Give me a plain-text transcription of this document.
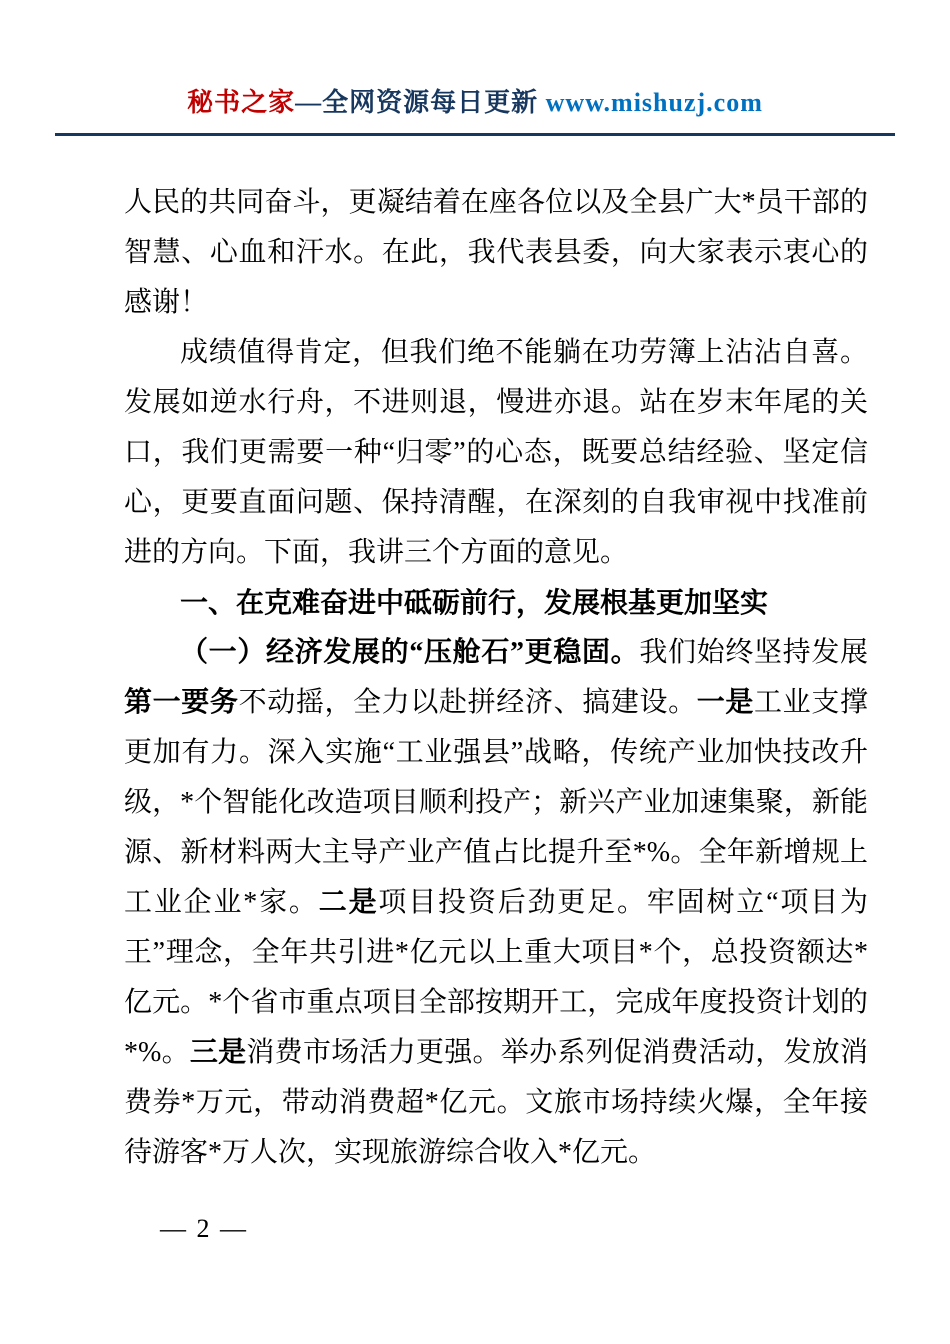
秘书之家—全网资源每日更新 www.mishuzj.com

人民的共同奋斗，更凝结着在座各位以及全县广大*员干部的智慧、心血和汗水。在此，我代表县委，向大家表示衷心的感谢！

成绩值得肯定，但我们绝不能躺在功劳簿上沾沾自喜。发展如逆水行舟，不进则退，慢进亦退。站在岁末年尾的关口，我们更需要一种“归零”的心态，既要总结经验、坚定信心，更要直面问题、保持清醒，在深刻的自我审视中找准前进的方向。下面，我讲三个方面的意见。

一、在克难奋进中砥砺前行，发展根基更加坚实

（一）经济发展的“压舱石”更稳固。我们始终坚持发展第一要务不动摇，全力以赴拼经济、搞建设。一是工业支撑更加有力。深入实施“工业强县”战略，传统产业加快技改升级，*个智能化改造项目顺利投产；新兴产业加速集聚，新能源、新材料两大主导产业产值占比提升至*%。全年新增规上工业企业*家。二是项目投资后劲更足。牢固树立“项目为王”理念，全年共引进*亿元以上重大项目*个，总投资额达*亿元。*个省市重点项目全部按期开工，完成年度投资计划的*%。三是消费市场活力更强。举办系列促消费活动，发放消费券*万元，带动消费超*亿元。文旅市场持续火爆，全年接待游客*万人次，实现旅游综合收入*亿元。

— 2 —
